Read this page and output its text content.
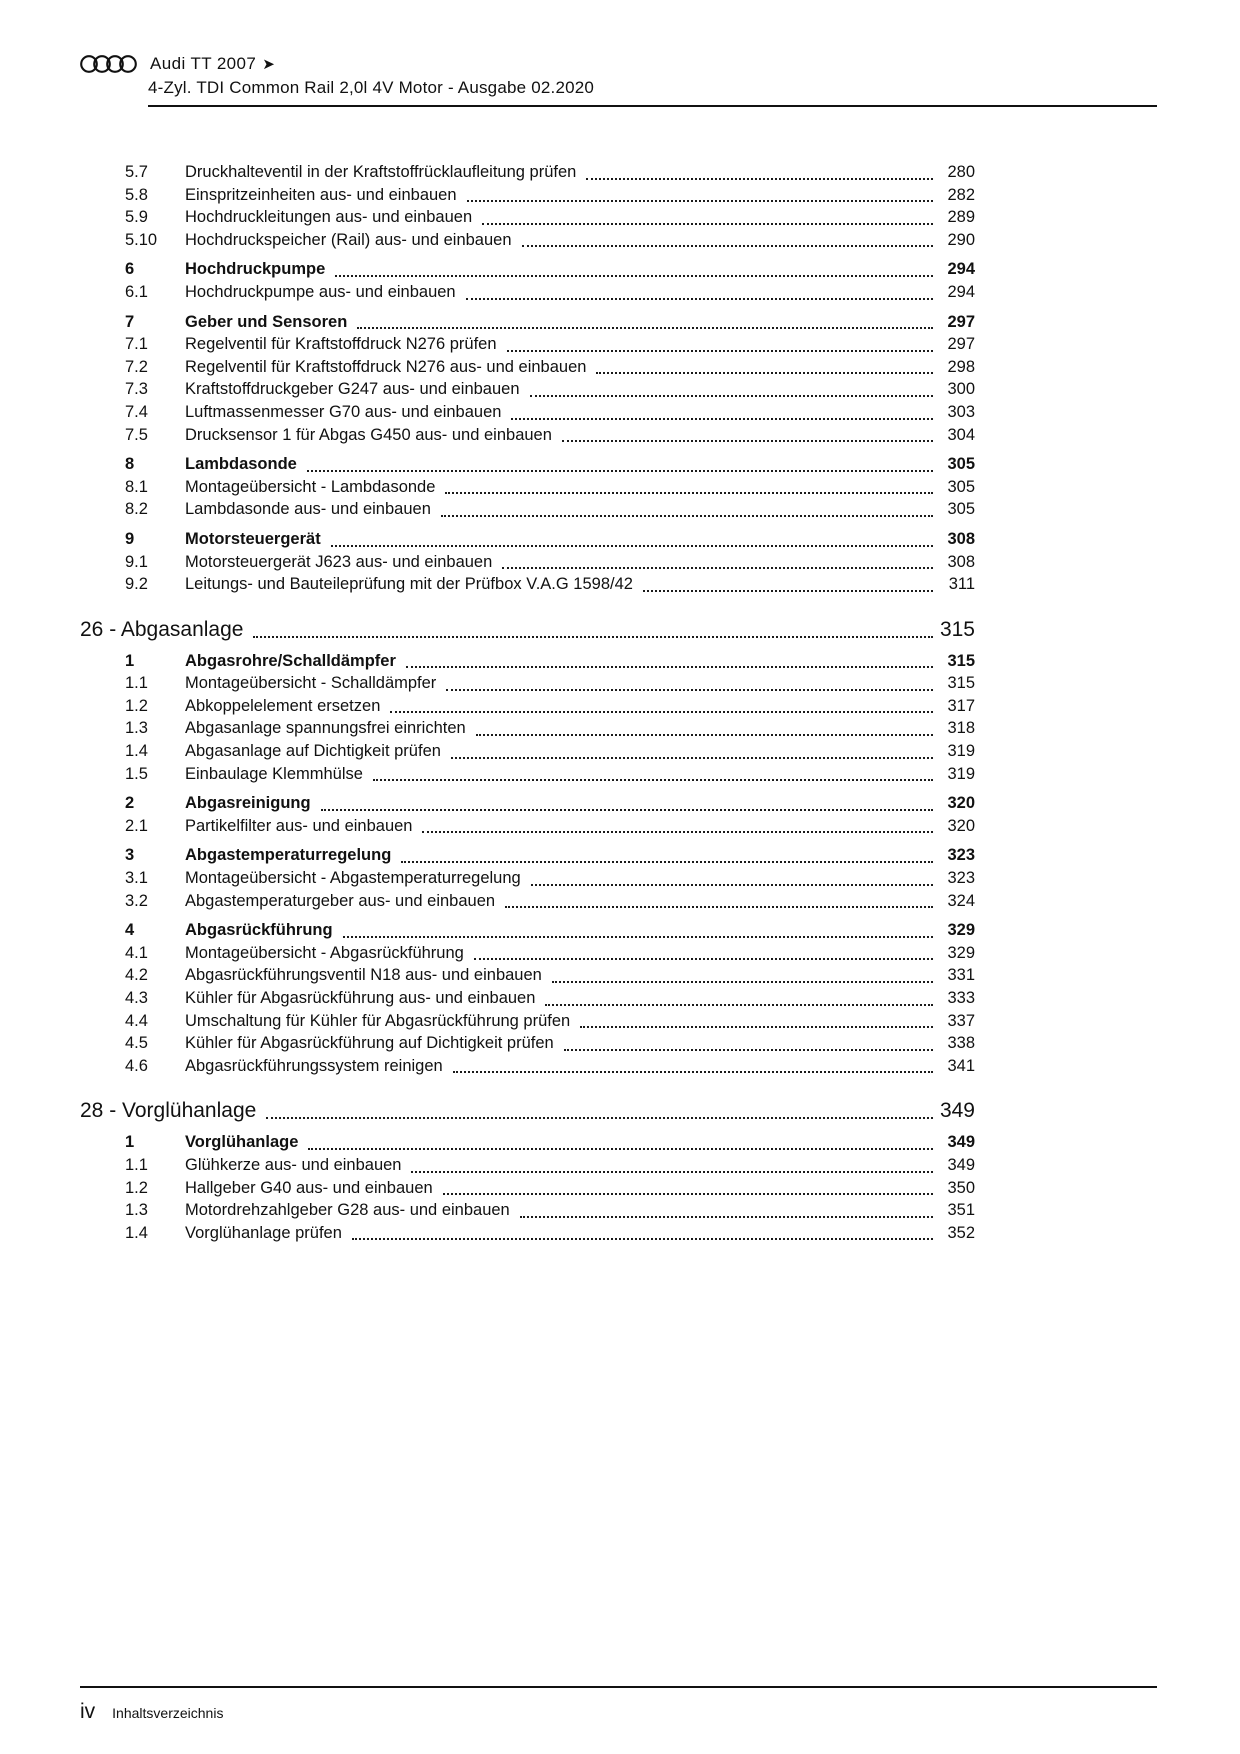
Audi TT 2007 ➤
4-Zyl. TDI Common Rail 2,0l 4V Motor - Ausgabe 02.2020
5.7	Druckhalteventil in der Kraftstoffrücklaufleitung prüfen	280
5.8	Einspritzeinheiten aus- und einbauen	282
5.9	Hochdruckleitungen aus- und einbauen	289
5.10	Hochdruckspeicher (Rail) aus- und einbauen	290
6	Hochdruckpumpe	294
6.1	Hochdruckpumpe aus- und einbauen	294
7	Geber und Sensoren	297
7.1	Regelventil für Kraftstoffdruck N276 prüfen	297
7.2	Regelventil für Kraftstoffdruck N276 aus- und einbauen	298
7.3	Kraftstoffdruckgeber G247 aus- und einbauen	300
7.4	Luftmassenmesser G70 aus- und einbauen	303
7.5	Drucksensor 1 für Abgas G450 aus- und einbauen	304
8	Lambdasonde	305
8.1	Montageübersicht - Lambdasonde	305
8.2	Lambdasonde aus- und einbauen	305
9	Motorsteuergerät	308
9.1	Motorsteuergerät J623 aus- und einbauen	308
9.2	Leitungs- und Bauteileprüfung mit der Prüfbox V.A.G 1598/42	311
26 - Abgasanlage	315
1	Abgasrohre/Schalldämpfer	315
1.1	Montageübersicht - Schalldämpfer	315
1.2	Abkoppelelement ersetzen	317
1.3	Abgasanlage spannungsfrei einrichten	318
1.4	Abgasanlage auf Dichtigkeit prüfen	319
1.5	Einbaulage Klemmhülse	319
2	Abgasreinigung	320
2.1	Partikelfilter aus- und einbauen	320
3	Abgastemperaturregelung	323
3.1	Montageübersicht - Abgastemperaturregelung	323
3.2	Abgastemperaturgeber aus- und einbauen	324
4	Abgasrückführung	329
4.1	Montageübersicht - Abgasrückführung	329
4.2	Abgasrückführungsventil N18 aus- und einbauen	331
4.3	Kühler für Abgasrückführung aus- und einbauen	333
4.4	Umschaltung für Kühler für Abgasrückführung prüfen	337
4.5	Kühler für Abgasrückführung auf Dichtigkeit prüfen	338
4.6	Abgasrückführungssystem reinigen	341
28 - Vorglühanlage	349
1	Vorglühanlage	349
1.1	Glühkerze aus- und einbauen	349
1.2	Hallgeber G40 aus- und einbauen	350
1.3	Motordrehzahlgeber G28 aus- und einbauen	351
1.4	Vorglühanlage prüfen	352
iv Inhaltsverzeichnis
